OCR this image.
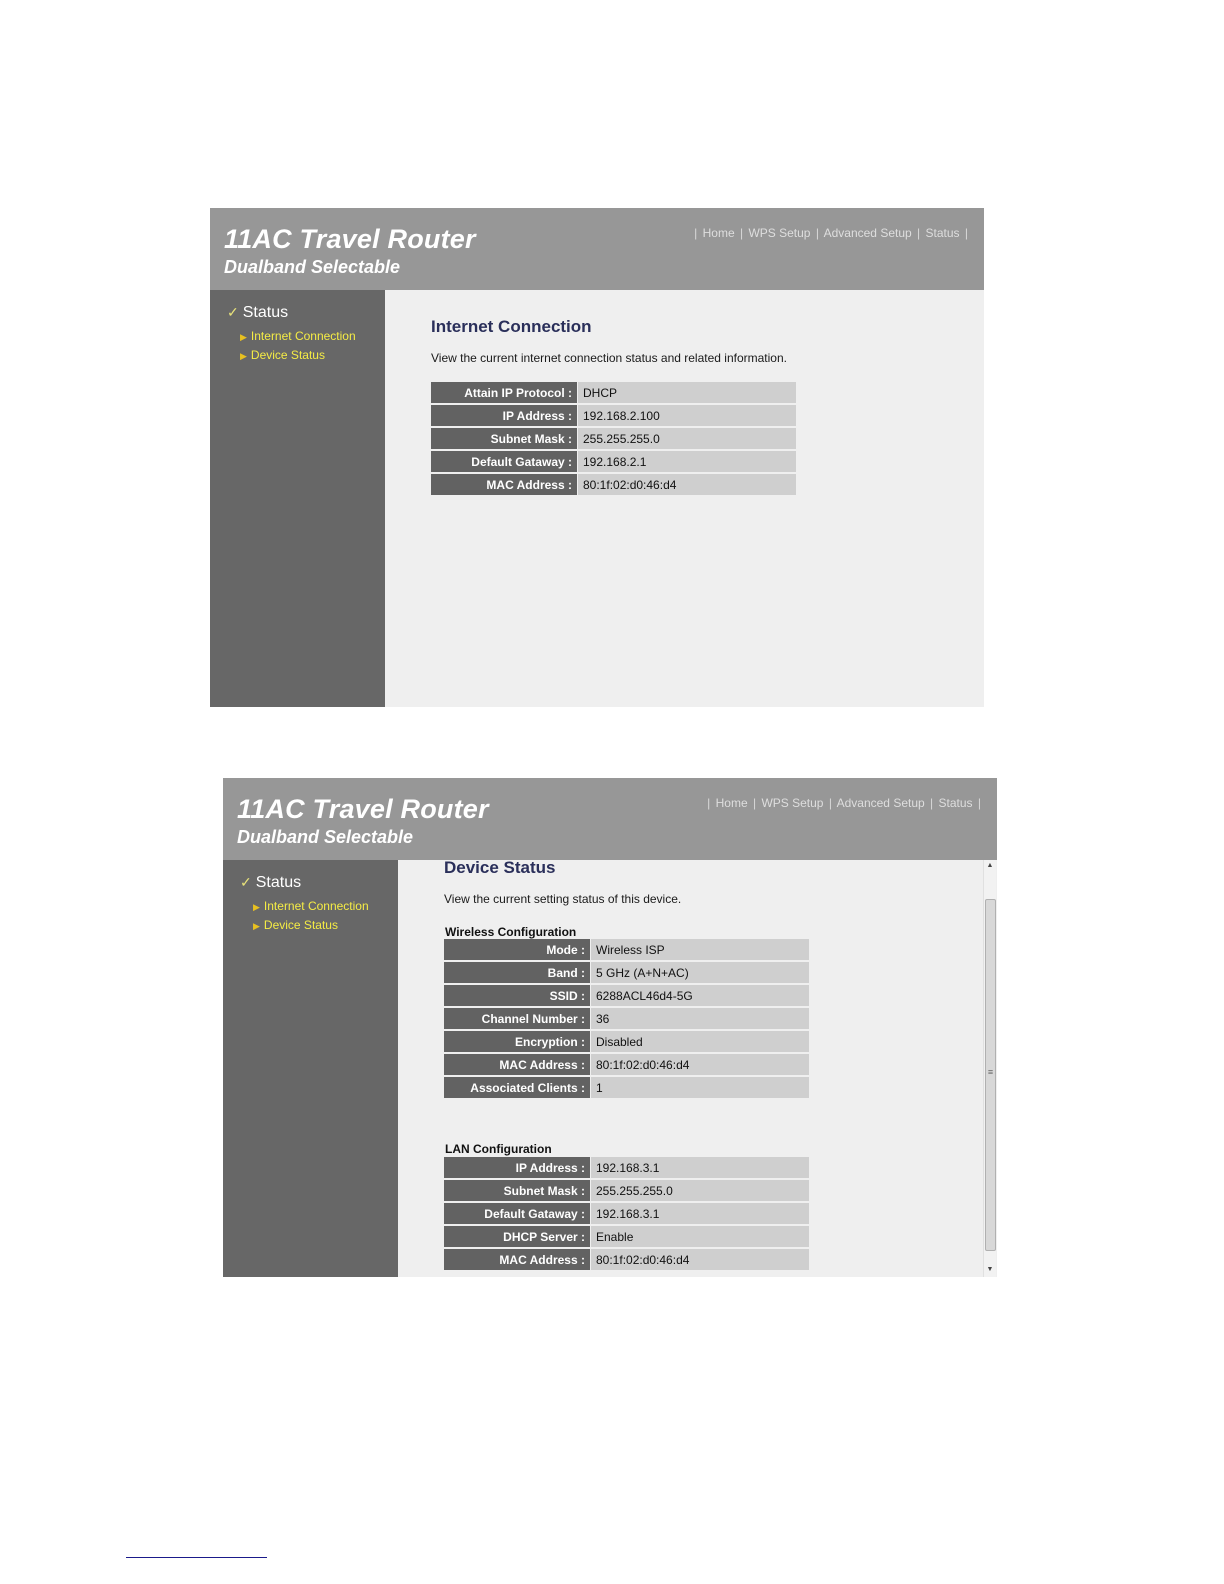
11AC Travel Router
Dualband Selectable
| Home | WPS Setup | Advanced Setup | Status |
✓ Status
▶ Internet Connection
▶ Device Status
Internet Connection
View the current internet connection status and related information.
Attain IP Protocol :	DHCP
IP Address :	192.168.2.100
Subnet Mask :	255.255.255.0
Default Gataway :	192.168.2.1
MAC Address :	80:1f:02:d0:46:d4
11AC Travel Router
Dualband Selectable
| Home | WPS Setup | Advanced Setup | Status |
✓ Status
▶ Internet Connection
▶ Device Status
Device Status
View the current setting status of this device.
Wireless Configuration
Mode :	Wireless ISP
Band :	5 GHz (A+N+AC)
SSID :	6288ACL46d4-5G
Channel Number :	36
Encryption :	Disabled
MAC Address :	80:1f:02:d0:46:d4
Associated Clients :	1
LAN Configuration
IP Address :	192.168.3.1
Subnet Mask :	255.255.255.0
Default Gataway :	192.168.3.1
DHCP Server :	Enable
MAC Address :	80:1f:02:d0:46:d4
▲
≡
▼
